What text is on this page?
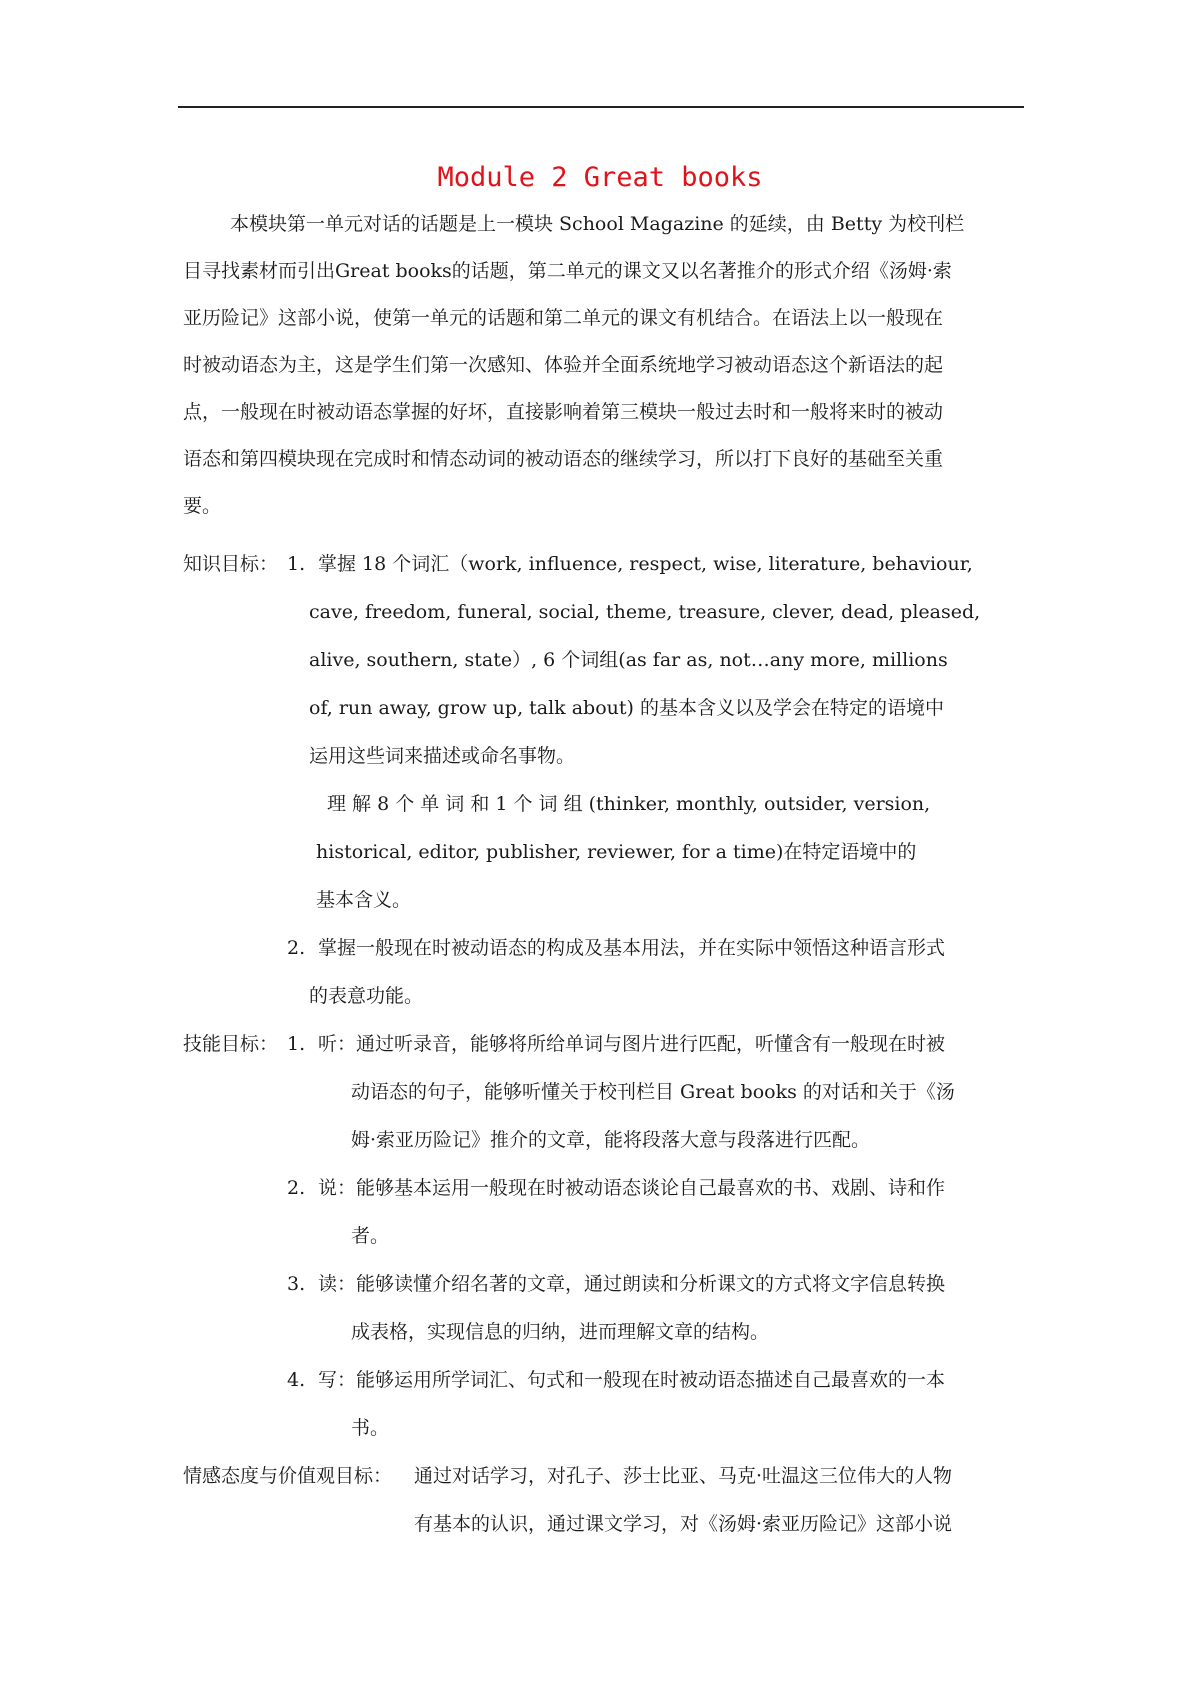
Module 2 Great books
本模块第一单元对话的话题是上一模块 School Magazine 的延续，由 Betty 为校刊栏
目寻找素材而引出Great books的话题，第二单元的课文又以名著推介的形式介绍《汤姆·索
亚历险记》这部小说，使第一单元的话题和第二单元的课文有机结合。在语法上以一般现在
时被动语态为主，这是学生们第一次感知、体验并全面系统地学习被动语态这个新语法的起
点，一般现在时被动语态掌握的好坏，直接影响着第三模块一般过去时和一般将来时的被动
语态和第四模块现在完成时和情态动词的被动语态的继续学习，所以打下良好的基础至关重
要。
知识目标： 1. 掌握 18 个词汇（work, influence, respect, wise, literature, behaviour,
cave, freedom, funeral, social, theme, treasure, clever, dead, pleased,
alive, southern, state）, 6 个词组(as far as, not…any more, millions
of, run away, grow up, talk about) 的基本含义以及学会在特定的语境中
运用这些词来描述或命名事物。
理 解 8 个 单 词 和 1 个 词 组 (thinker, monthly, outsider, version,
historical, editor, publisher, reviewer, for a time)在特定语境中的
基本含义。
2. 掌握一般现在时被动语态的构成及基本用法，并在实际中领悟这种语言形式
的表意功能。
技能目标： 1. 听：通过听录音，能够将所给单词与图片进行匹配，听懂含有一般现在时被
动语态的句子，能够听懂关于校刊栏目 Great books 的对话和关于《汤
姆·索亚历险记》推介的文章，能将段落大意与段落进行匹配。
2. 说：能够基本运用一般现在时被动语态谈论自己最喜欢的书、戏剧、诗和作
者。
3. 读：能够读懂介绍名著的文章，通过朗读和分析课文的方式将文字信息转换
成表格，实现信息的归纳，进而理解文章的结构。
4. 写：能够运用所学词汇、句式和一般现在时被动语态描述自己最喜欢的一本
书。
情感态度与价值观目标： 通过对话学习，对孔子、莎士比亚、马克·吐温这三位伟大的人物
有基本的认识，通过课文学习，对《汤姆·索亚历险记》这部小说
